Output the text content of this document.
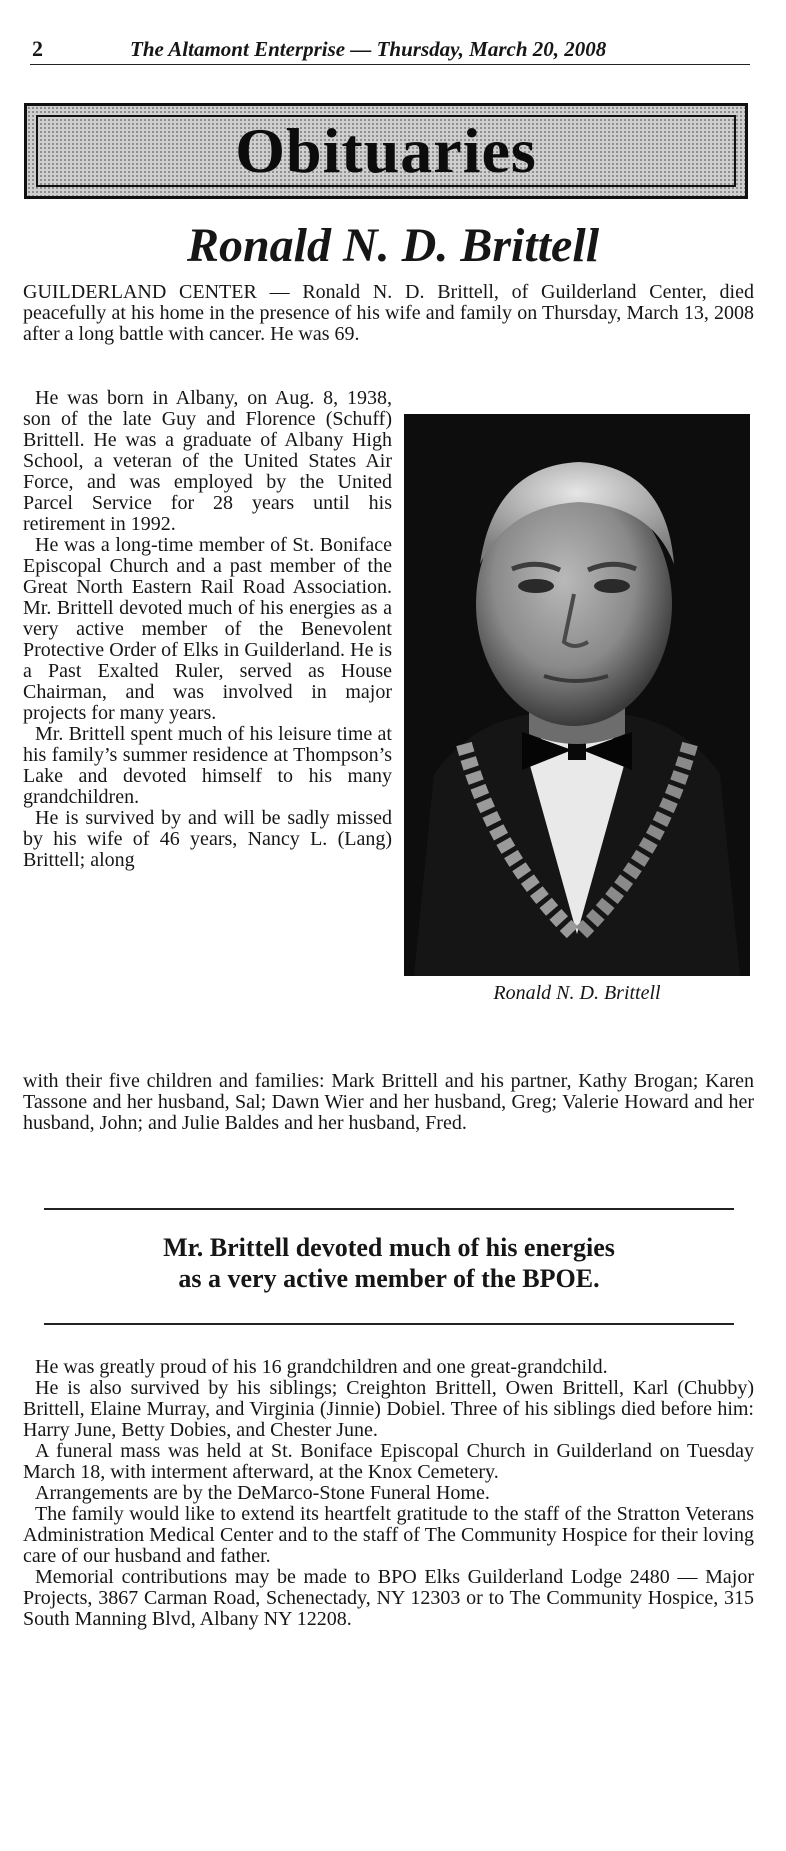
2	The Altamont Enterprise — Thursday, March 20, 2008
Obituaries
Ronald N. D. Brittell

GUILDERLAND CENTER — Ronald N. D. Brittell, of Guilderland Center, died peacefully at his home in the presence of his wife and family on Thursday, March 13, 2008 after a long battle with cancer. He was 69.

He was born in Albany, on Aug. 8, 1938, son of the late Guy and Florence (Schuff) Brittell. He was a graduate of Albany High School, a veteran of the United States Air Force, and was employed by the United Parcel Service for 28 years until his retirement in 1992.

He was a long-time member of St. Boniface Episcopal Church and a past member of the Great North Eastern Rail Road Association. Mr. Brittell devoted much of his energies as a very active member of the Benevolent Protective Order of Elks in Guilderland. He is a Past Exalted Ruler, served as House Chairman, and was involved in major projects for many years.

Mr. Brittell spent much of his leisure time at his family’s summer residence at Thompson’s Lake and devoted himself to his many grandchildren.

He is survived by and will be sadly missed by his wife of 46 years, Nancy L. (Lang) Brittell; along

Ronald N. D. Brittell

with their five children and families: Mark Brittell and his partner, Kathy Brogan; Karen Tassone and her husband, Sal; Dawn Wier and her husband, Greg; Valerie Howard and her husband, John; and Julie Baldes and her husband, Fred.

Mr. Brittell devoted much of his energies
as a very active member of the BPOE.

He was greatly proud of his 16 grandchildren and one great-grandchild.

He is also survived by his siblings; Creighton Brittell, Owen Brittell, Karl (Chubby) Brittell, Elaine Murray, and Virginia (Jinnie) Dobiel. Three of his siblings died before him: Harry June, Betty Dobies, and Chester June.

A funeral mass was held at St. Boniface Episcopal Church in Guilderland on Tuesday March 18, with interment afterward, at the Knox Cemetery.

Arrangements are by the DeMarco-Stone Funeral Home.

The family would like to extend its heartfelt gratitude to the staff of the Stratton Veterans Administration Medical Center and to the staff of The Community Hospice for their loving care of our husband and father.

Memorial contributions may be made to BPO Elks Guilderland Lodge 2480 — Major Projects, 3867 Carman Road, Schenectady, NY 12303 or to The Community Hospice, 315 South Manning Blvd, Albany NY 12208.
